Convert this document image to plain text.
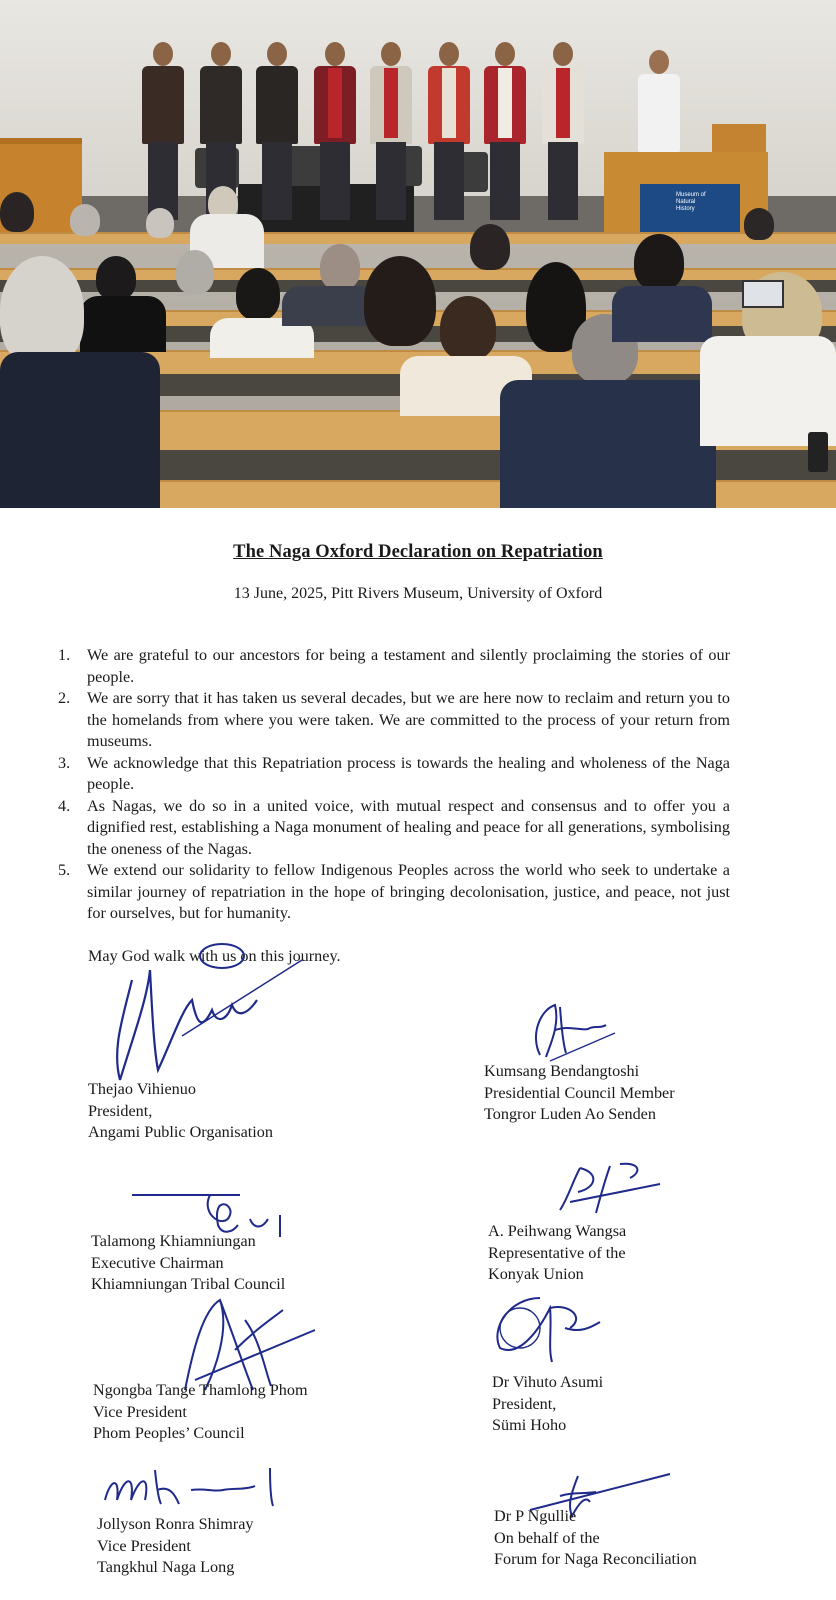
Museum of
Natural
History
The Naga Oxford Declaration on Repatriation
13 June, 2025, Pitt Rivers Museum, University of Oxford
1. We are grateful to our ancestors for being a testament and silently proclaiming the stories of our people.
2. We are sorry that it has taken us several decades, but we are here now to reclaim and return you to the homelands from where you were taken. We are committed to the process of your return from museums.
3. We acknowledge that this Repatriation process is towards the healing and wholeness of the Naga people.
4. As Nagas, we do so in a united voice, with mutual respect and consensus and to offer you a dignified rest, establishing a Naga monument of healing and peace for all generations, symbolising the oneness of the Nagas.
5. We extend our solidarity to fellow Indigenous Peoples across the world who seek to undertake a similar journey of repatriation in the hope of bringing decolonisation, justice, and peace, not just for ourselves, but for humanity.
May God walk with us on this journey.
Thejao Vihienuo
President,
Angami Public Organisation
Kumsang Bendangtoshi
Presidential Council Member
Tongror Luden Ao Senden
Talamong Khiamniungan
Executive Chairman
Khiamniungan Tribal Council
A. Peihwang Wangsa
Representative of the
Konyak Union
Ngongba Tange Thamlong Phom
Vice President
Phom Peoples’ Council
Dr Vihuto Asumi
President,
Sümi Hoho
Jollyson Ronra Shimray
Vice President
Tangkhul Naga Long
Dr P Ngullie
On behalf of the
Forum for Naga Reconciliation
